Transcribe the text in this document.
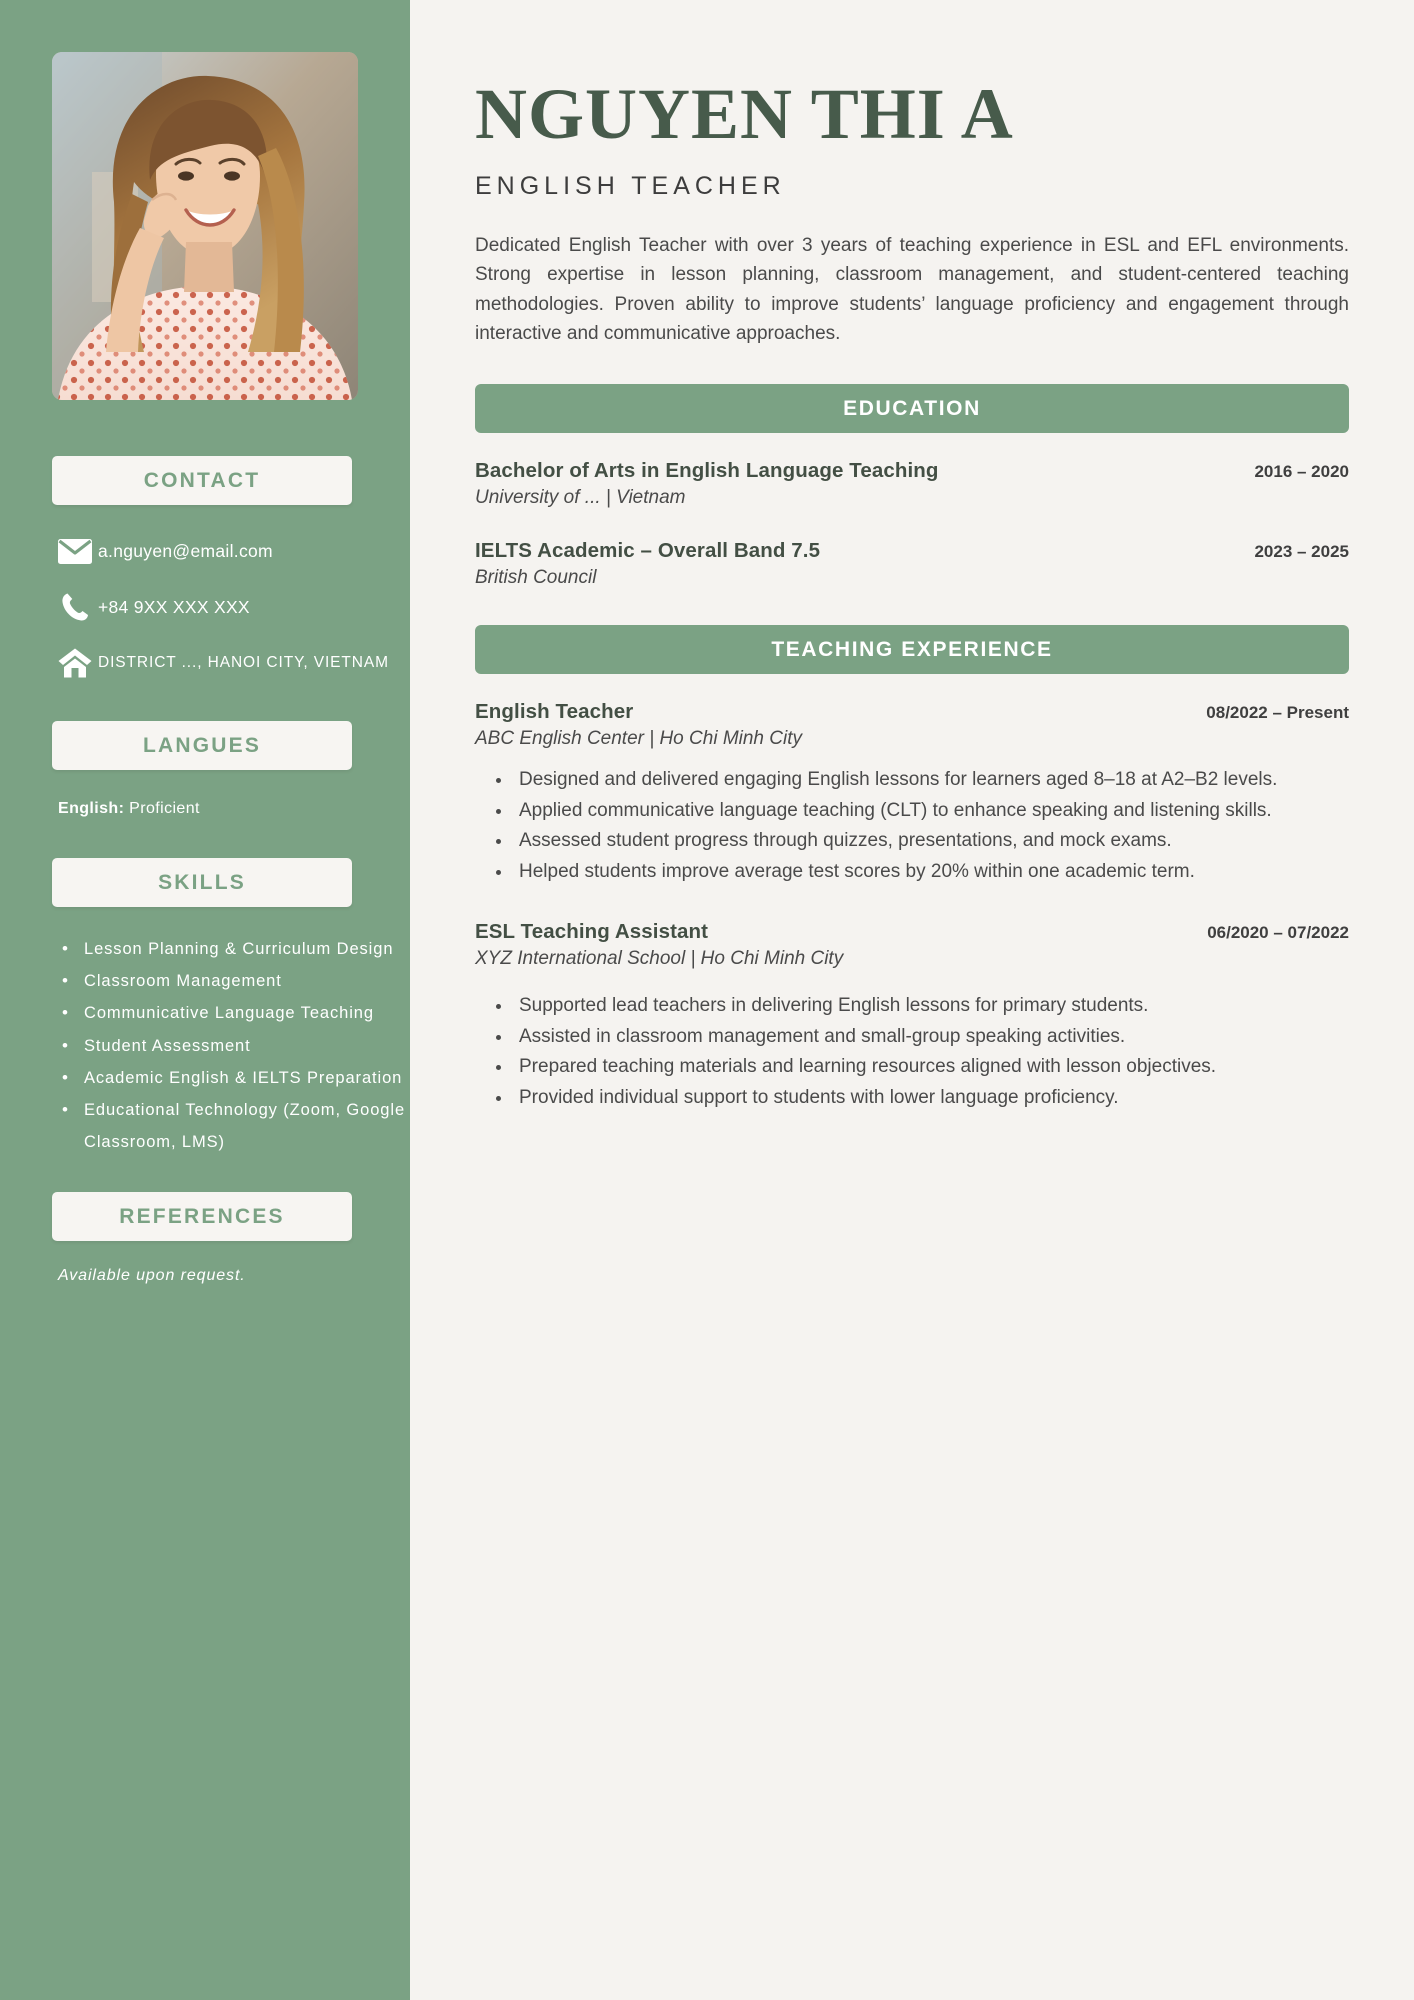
CONTACT
a.nguyen@email.com
+84 9XX XXX XXX
DISTRICT ..., HANOI CITY, VIETNAM
LANGUES
English: Proficient
SKILLS
• Lesson Planning & Curriculum Design
• Classroom Management
• Communicative Language Teaching
• Student Assessment
• Academic English & IELTS Preparation
• Educational Technology (Zoom, Google Classroom, LMS)
REFERENCES
Available upon request.
NGUYEN THI A
ENGLISH TEACHER

Dedicated English Teacher with over 3 years of teaching experience in ESL and EFL environments. Strong expertise in lesson planning, classroom management, and student-centered teaching methodologies. Proven ability to improve students’ language proficiency and engagement through interactive and communicative approaches.

EDUCATION
Bachelor of Arts in English Language Teaching	2016 – 2020
University of ... | Vietnam
IELTS Academic – Overall Band 7.5	2023 – 2025
British Council
TEACHING EXPERIENCE
English Teacher	08/2022 – Present
ABC English Center | Ho Chi Minh City
• Designed and delivered engaging English lessons for learners aged 8–18 at A2–B2 levels.
• Applied communicative language teaching (CLT) to enhance speaking and listening skills.
• Assessed student progress through quizzes, presentations, and mock exams.
• Helped students improve average test scores by 20% within one academic term.
ESL Teaching Assistant	06/2020 – 07/2022
XYZ International School | Ho Chi Minh City
• Supported lead teachers in delivering English lessons for primary students.
• Assisted in classroom management and small-group speaking activities.
• Prepared teaching materials and learning resources aligned with lesson objectives.
• Provided individual support to students with lower language proficiency.
